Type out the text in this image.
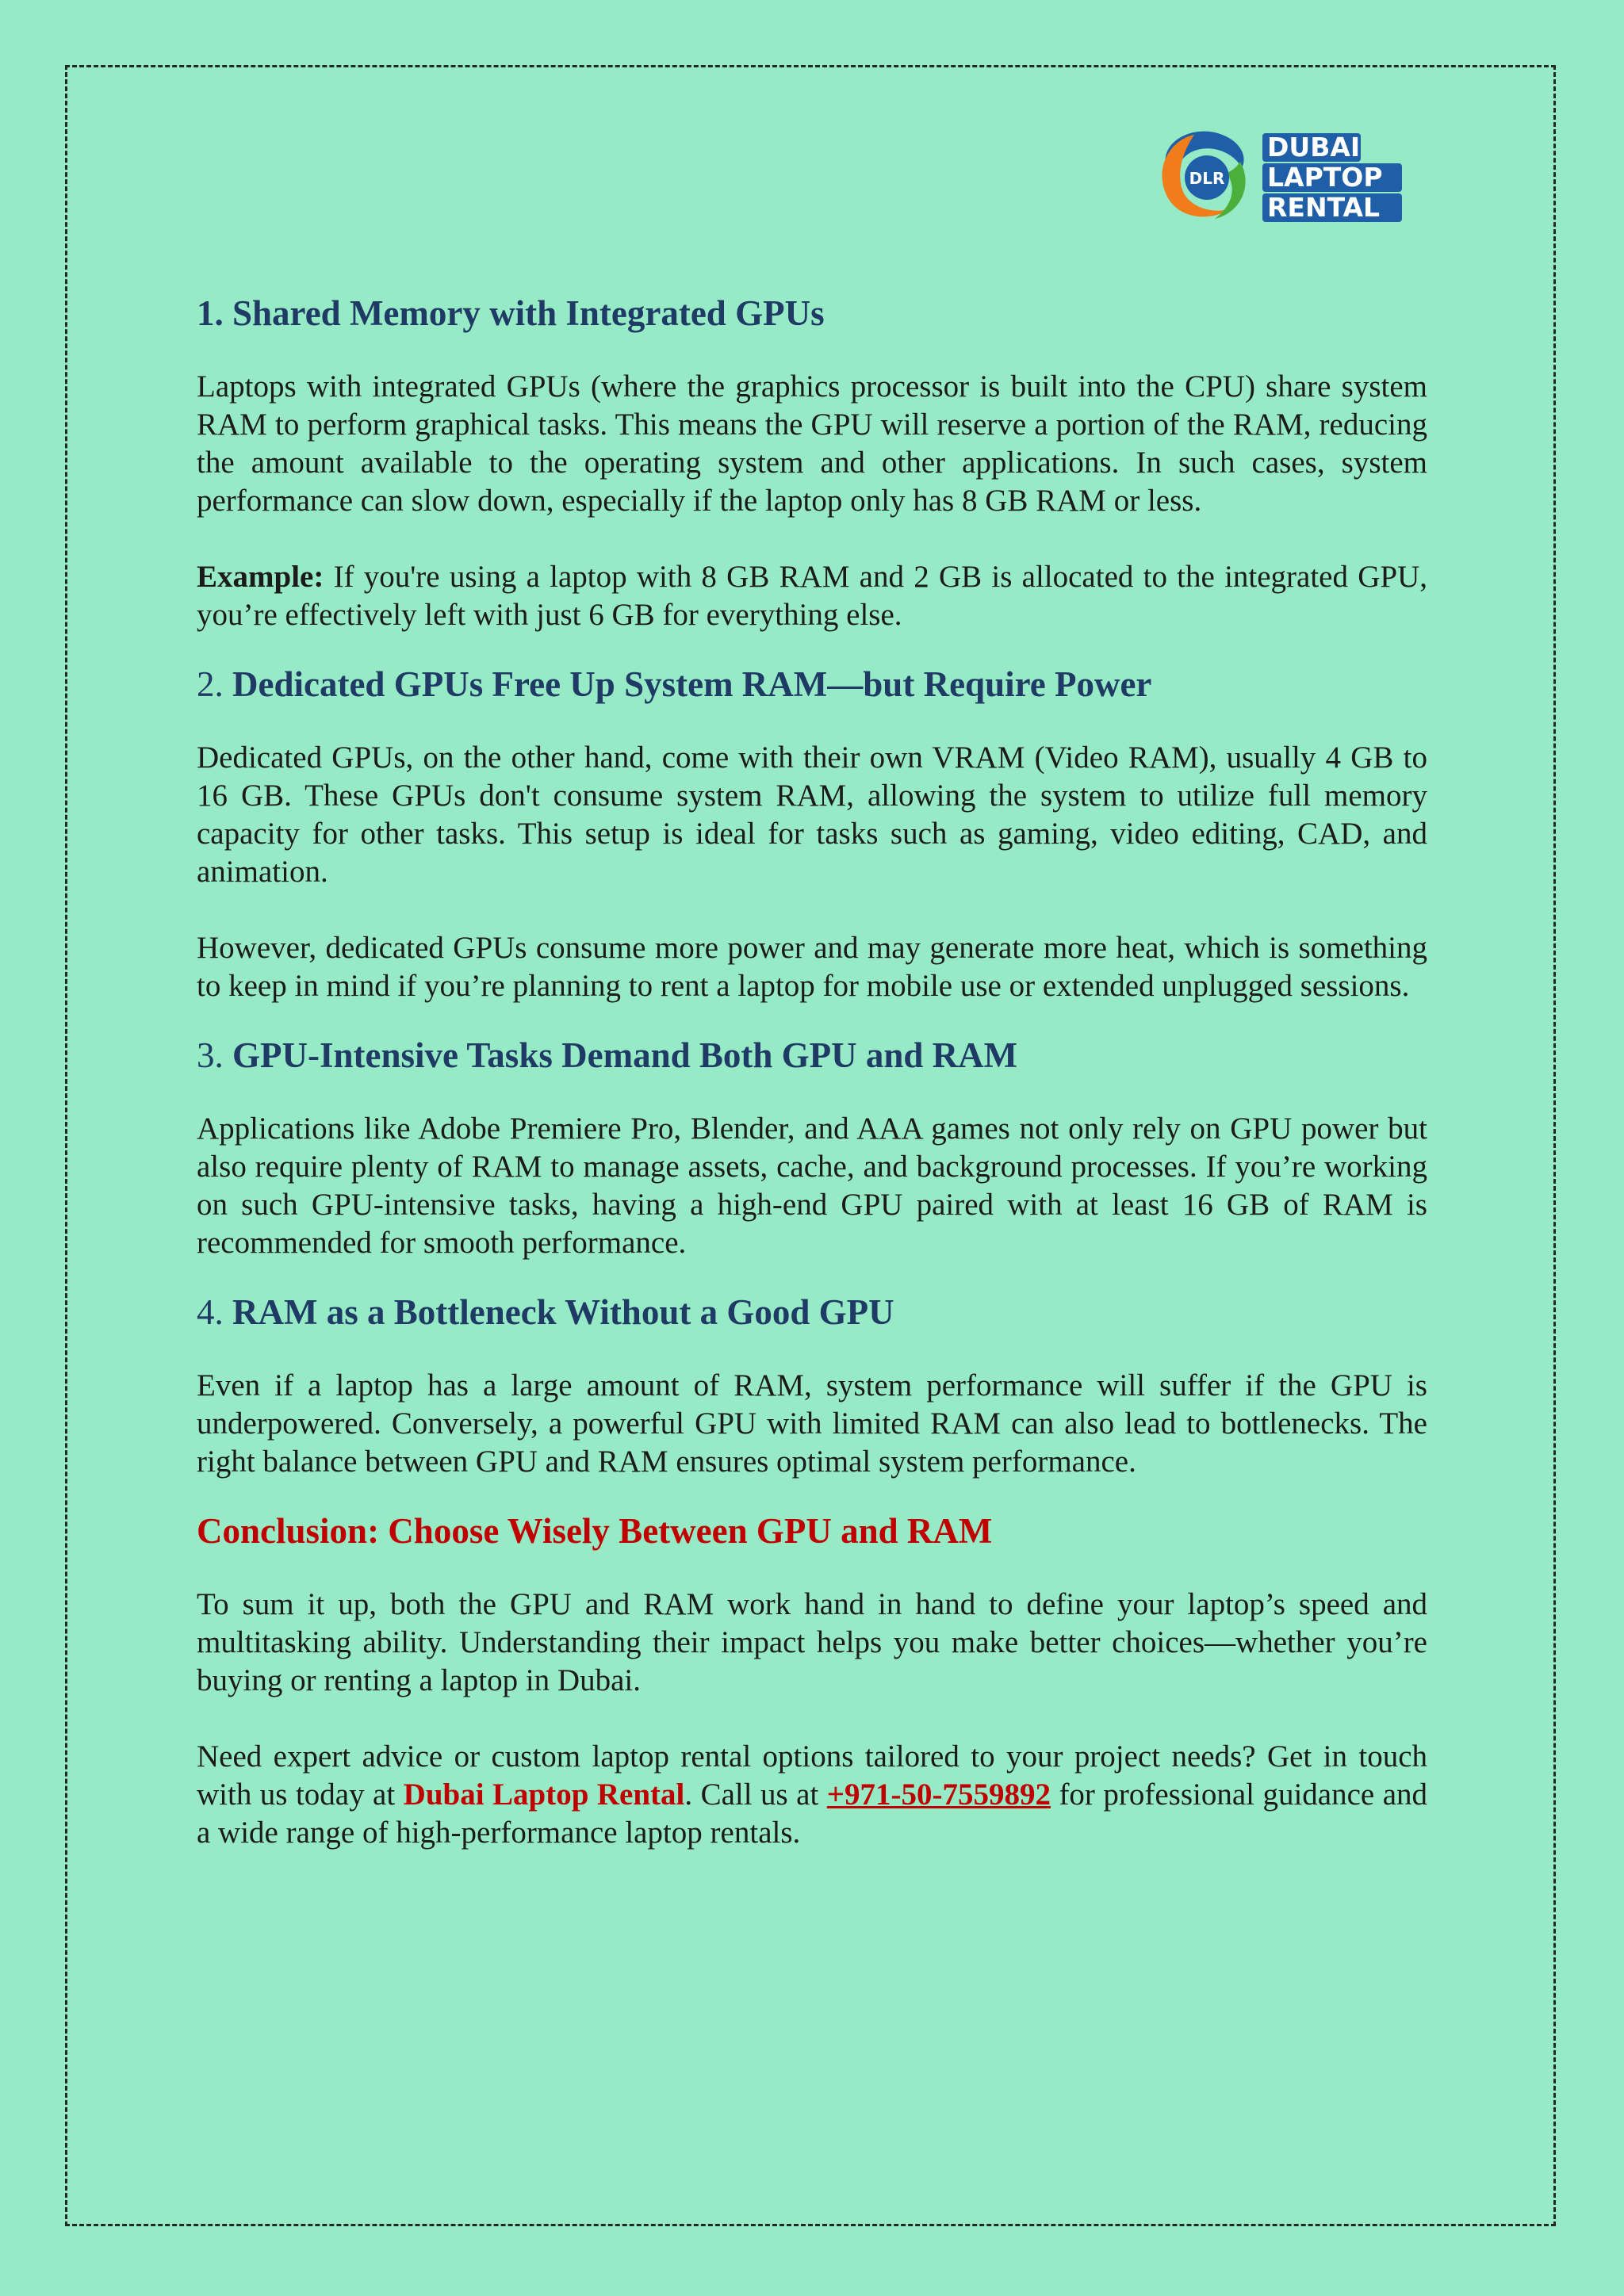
DLR
DUBAI
LAPTOP
RENTAL
1. Shared Memory with Integrated GPUs

Laptops with integrated GPUs (where the graphics processor is built into the CPU) share system RAM to perform graphical tasks. This means the GPU will reserve a portion of the RAM, reducing the amount available to the operating system and other applications. In such cases, system performance can slow down, especially if the laptop only has 8 GB RAM or less.

Example: If you're using a laptop with 8 GB RAM and 2 GB is allocated to the integrated GPU, you’re effectively left with just 6 GB for everything else.

2. Dedicated GPUs Free Up System RAM—but Require Power

Dedicated GPUs, on the other hand, come with their own VRAM (Video RAM), usually 4 GB to 16 GB. These GPUs don't consume system RAM, allowing the system to utilize full memory capacity for other tasks. This setup is ideal for tasks such as gaming, video editing, CAD, and animation.

However, dedicated GPUs consume more power and may generate more heat, which is something to keep in mind if you’re planning to rent a laptop for mobile use or extended unplugged sessions.

3. GPU-Intensive Tasks Demand Both GPU and RAM

Applications like Adobe Premiere Pro, Blender, and AAA games not only rely on GPU power but also require plenty of RAM to manage assets, cache, and background processes. If you’re working on such GPU-intensive tasks, having a high-end GPU paired with at least 16 GB of RAM is recommended for smooth performance.

4. RAM as a Bottleneck Without a Good GPU

Even if a laptop has a large amount of RAM, system performance will suffer if the GPU is underpowered. Conversely, a powerful GPU with limited RAM can also lead to bottlenecks. The right balance between GPU and RAM ensures optimal system performance.

Conclusion: Choose Wisely Between GPU and RAM

To sum it up, both the GPU and RAM work hand in hand to define your laptop’s speed and multitasking ability. Understanding their impact helps you make better choices—whether you’re buying or renting a laptop in Dubai.

Need expert advice or custom laptop rental options tailored to your project needs? Get in touch with us today at Dubai Laptop Rental. Call us at +971-50-7559892 for professional guidance and a wide range of high-performance laptop rentals.
